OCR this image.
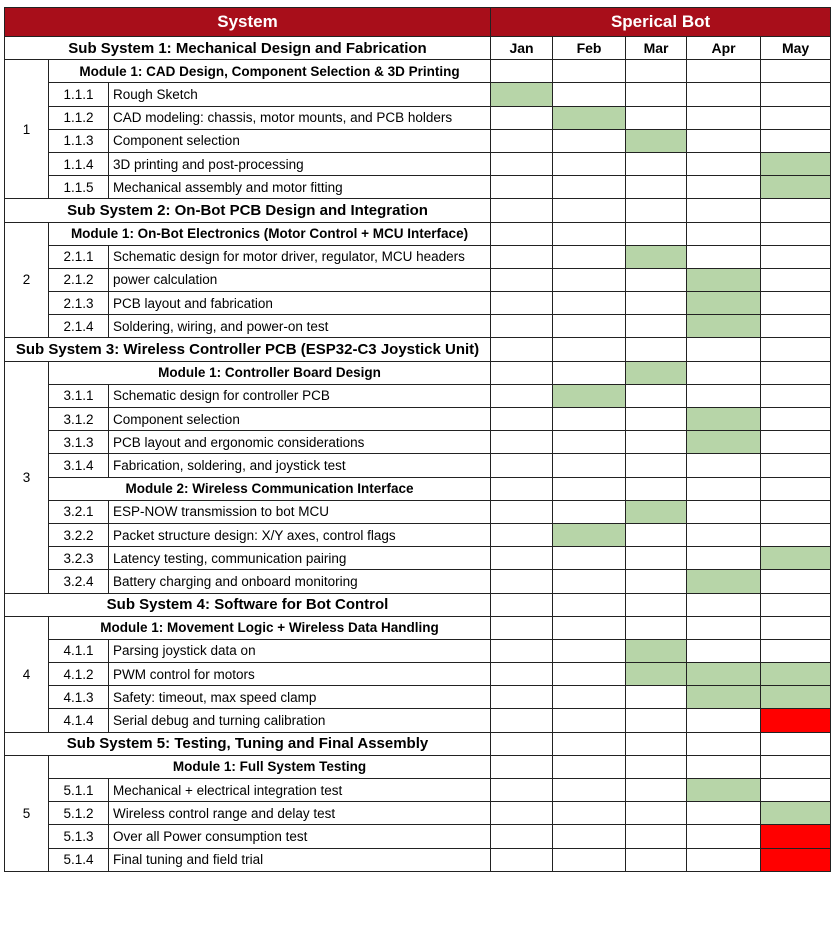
System			Sperical Bot				
Sub System 1: Mechanical Design and Fabrication			Jan	Feb	Mar	Apr	May
1	Module 1: CAD Design, Component Selection & 3D Printing						
	1.1.1	Rough Sketch					
	1.1.2	CAD modeling: chassis, motor mounts, and PCB holders					
	1.1.3	Component selection					
	1.1.4	3D printing and post-processing					
	1.1.5	Mechanical assembly and motor fitting					
Sub System 2: On-Bot PCB Design and Integration							
2	Module 1: On-Bot Electronics (Motor Control + MCU Interface)						
	2.1.1	Schematic design for motor driver, regulator, MCU headers					
	2.1.2	power calculation					
	2.1.3	PCB layout and fabrication					
	2.1.4	Soldering, wiring, and power-on test					
Sub System 3: Wireless Controller PCB (ESP32-C3 Joystick Unit)							
3	Module 1: Controller Board Design						
	3.1.1	Schematic design for controller PCB					
	3.1.2	Component selection					
	3.1.3	PCB layout and ergonomic considerations					
	3.1.4	Fabrication, soldering, and joystick test					
	Module 2: Wireless Communication Interface						
	3.2.1	ESP-NOW transmission to bot MCU					
	3.2.2	Packet structure design: X/Y axes, control flags					
	3.2.3	Latency testing, communication pairing					
	3.2.4	Battery charging and onboard monitoring					
Sub System 4: Software for Bot Control							
4	Module 1: Movement Logic + Wireless Data Handling						
	4.1.1	Parsing joystick data on					
	4.1.2	PWM control for motors					
	4.1.3	Safety: timeout, max speed clamp					
	4.1.4	Serial debug and turning calibration					
Sub System 5: Testing, Tuning and Final Assembly							
5	Module 1: Full System Testing						
	5.1.1	Mechanical + electrical integration test					
	5.1.2	Wireless control range and delay test					
	5.1.3	Over all Power consumption test					
	5.1.4	Final tuning and field trial					
